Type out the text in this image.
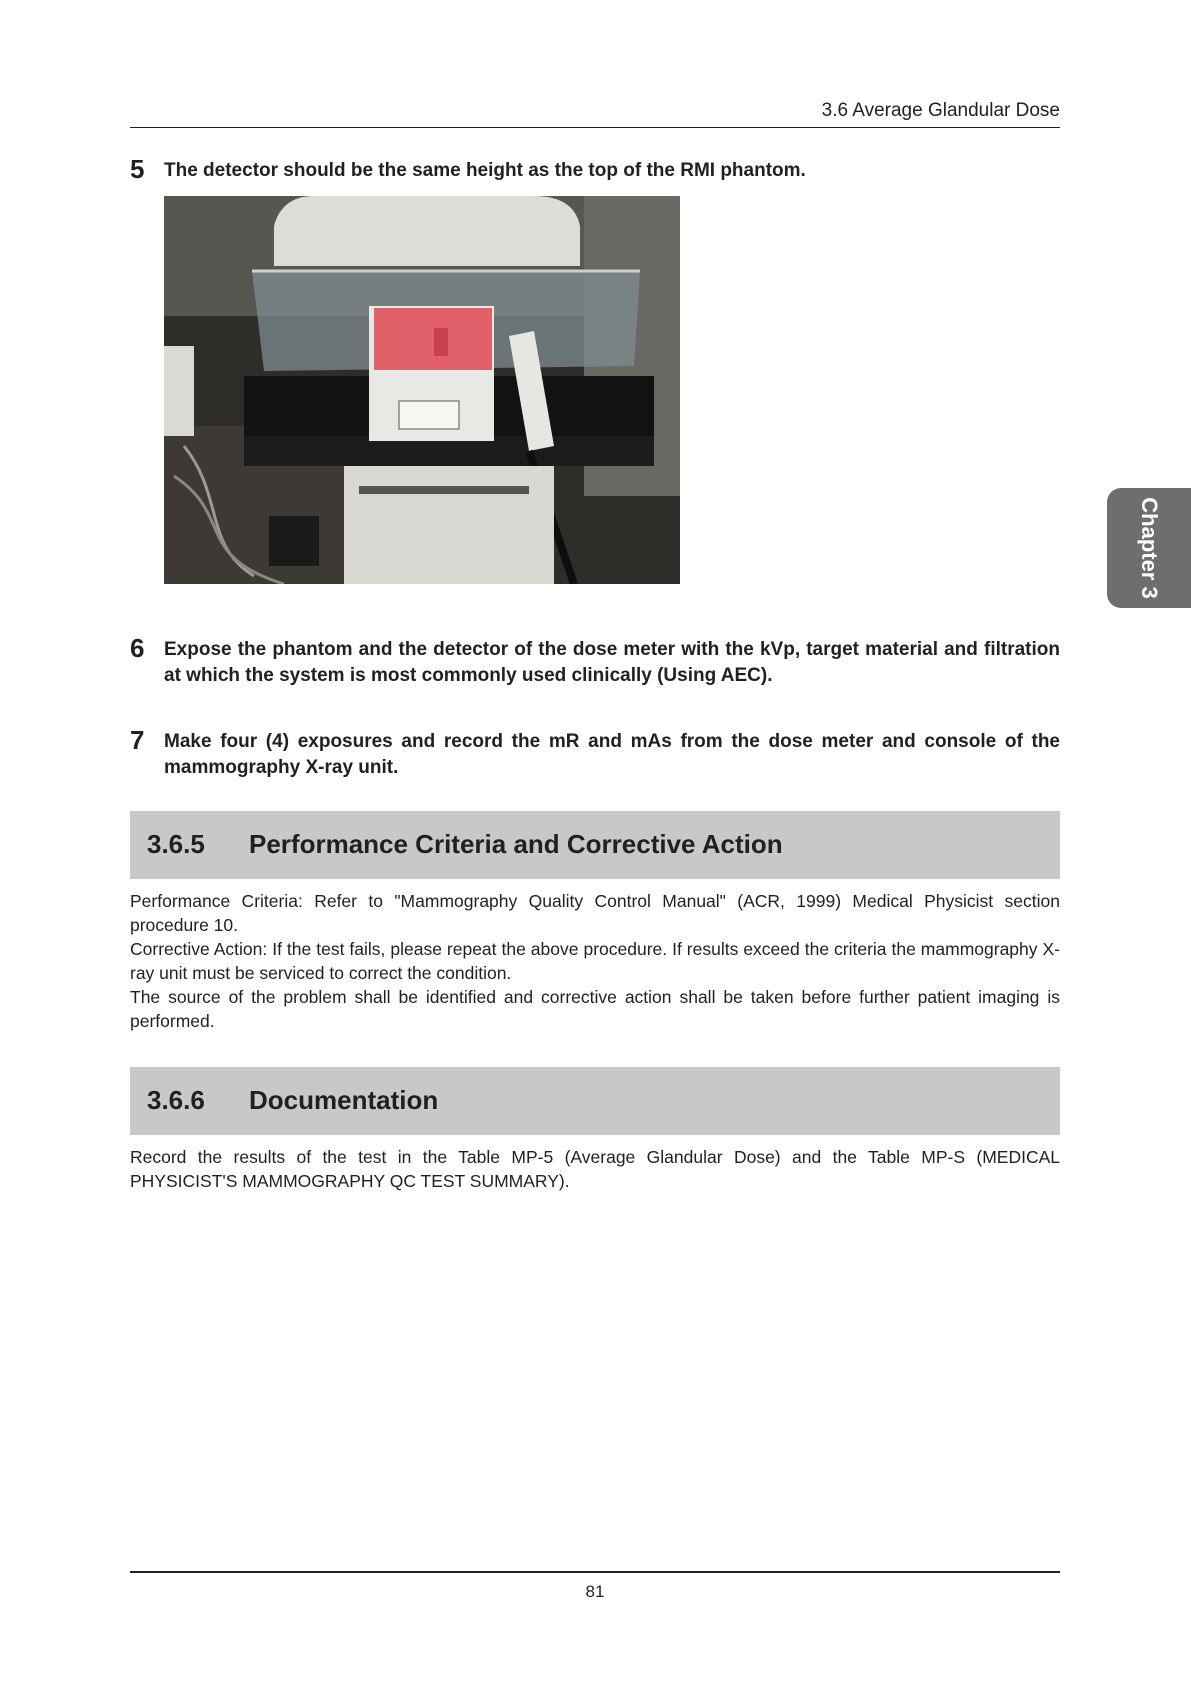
3.6 Average Glandular Dose
5 The detector should be the same height as the top of the RMI phantom.
6 Expose the phantom and the detector of the dose meter with the kVp, target material and filtration at which the system is most commonly used clinically (Using AEC).
7 Make four (4) exposures and record the mR and mAs from the dose meter and console of the mammography X-ray unit.
3.6.5 Performance Criteria and Corrective Action

Performance Criteria: Refer to "Mammography Quality Control Manual" (ACR, 1999) Medical Physicist section procedure 10.

Corrective Action: If the test fails, please repeat the above procedure. If results exceed the criteria the mammography X-ray unit must be serviced to correct the condition.

The source of the problem shall be identified and corrective action shall be taken before further patient imaging is performed.

3.6.6 Documentation

Record the results of the test in the Table MP-5 (Average Glandular Dose) and the Table MP-S (MEDICAL PHYSICIST'S MAMMOGRAPHY QC TEST SUMMARY).

Chapter 3
81
